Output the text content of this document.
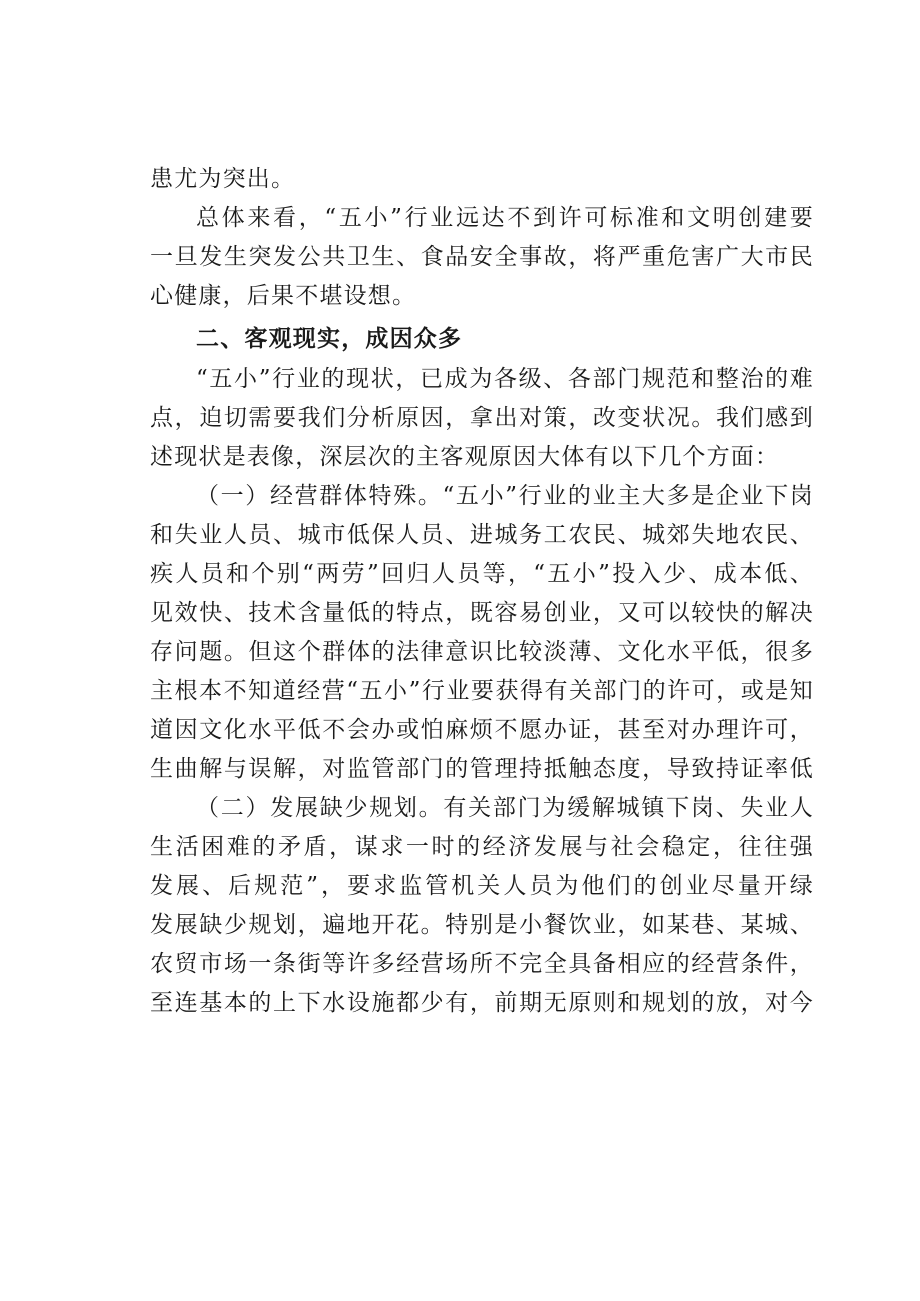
患尤为突出。
总体来看，“五小”行业远达不到许可标准和文明创建要
一旦发生突发公共卫生、食品安全事故，将严重危害广大市民
心健康，后果不堪设想。
二、客观现实，成因众多
“五小”行业的现状，已成为各级、各部门规范和整治的难
点，迫切需要我们分析原因，拿出对策，改变状况。我们感到
述现状是表像，深层次的主客观原因大体有以下几个方面：
（一）经营群体特殊。“五小”行业的业主大多是企业下岗
和失业人员、城市低保人员、进城务工农民、城郊失地农民、
疾人员和个别“两劳”回归人员等，“五小”投入少、成本低、
见效快、技术含量低的特点，既容易创业，又可以较快的解决
存问题。但这个群体的法律意识比较淡薄、文化水平低，很多
主根本不知道经营“五小”行业要获得有关部门的许可，或是知
道因文化水平低不会办或怕麻烦不愿办证，甚至对办理许可，
生曲解与误解，对监管部门的管理持抵触态度，导致持证率低
（二）发展缺少规划。有关部门为缓解城镇下岗、失业人
生活困难的矛盾，谋求一时的经济发展与社会稳定，往往强
发展、后规范”，要求监管机关人员为他们的创业尽量开绿
发展缺少规划，遍地开花。特别是小餐饮业，如某巷、某城、
农贸市场一条街等许多经营场所不完全具备相应的经营条件，
至连基本的上下水设施都少有，前期无原则和规划的放，对今
